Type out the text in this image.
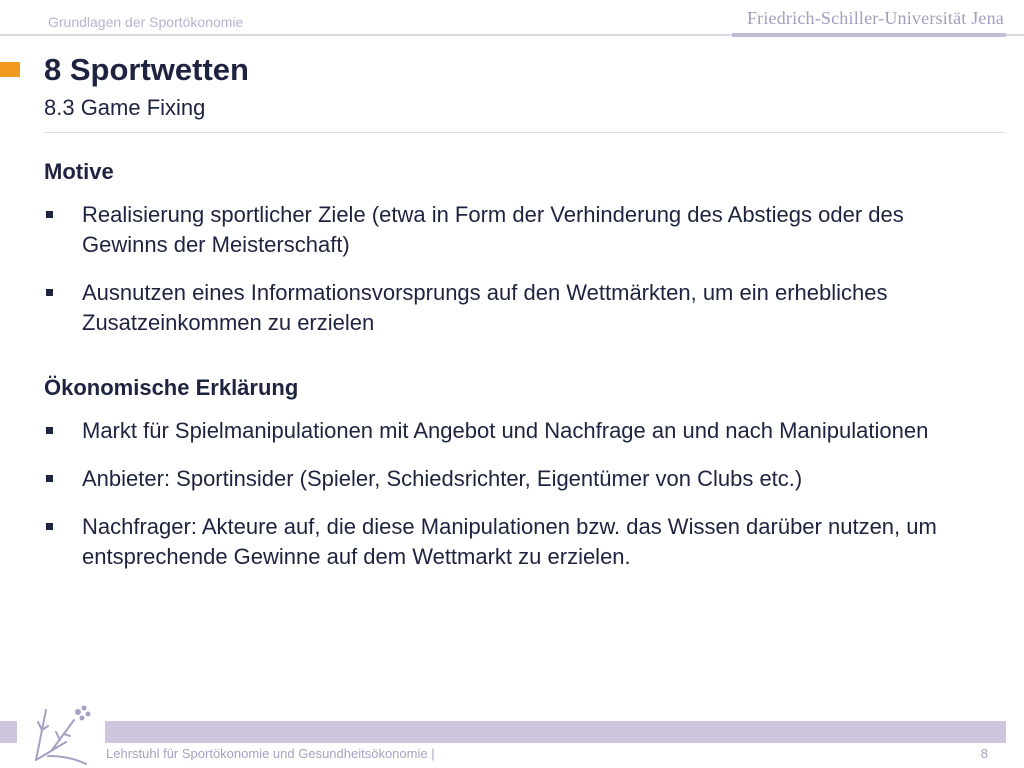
Grundlagen der Sportökonomie	Friedrich-Schiller-Universität Jena
8 Sportwetten
8.3 Game Fixing
Motive
Realisierung sportlicher Ziele (etwa in Form der Verhinderung des Abstiegs oder des Gewinns der Meisterschaft)
Ausnutzen eines Informationsvorsprungs auf den Wettmärkten, um ein erhebliches Zusatzeinkommen zu erzielen
Ökonomische Erklärung
Markt für Spielmanipulationen mit Angebot und Nachfrage an und nach Manipulationen
Anbieter: Sportinsider (Spieler, Schiedsrichter, Eigentümer von Clubs etc.)
Nachfrager: Akteure auf, die diese Manipulationen bzw. das Wissen darüber nutzen, um entsprechende Gewinne auf dem Wettmarkt zu erzielen.
Lehrstuhl für Sportökonomie und Gesundheitsökonomie |	8
